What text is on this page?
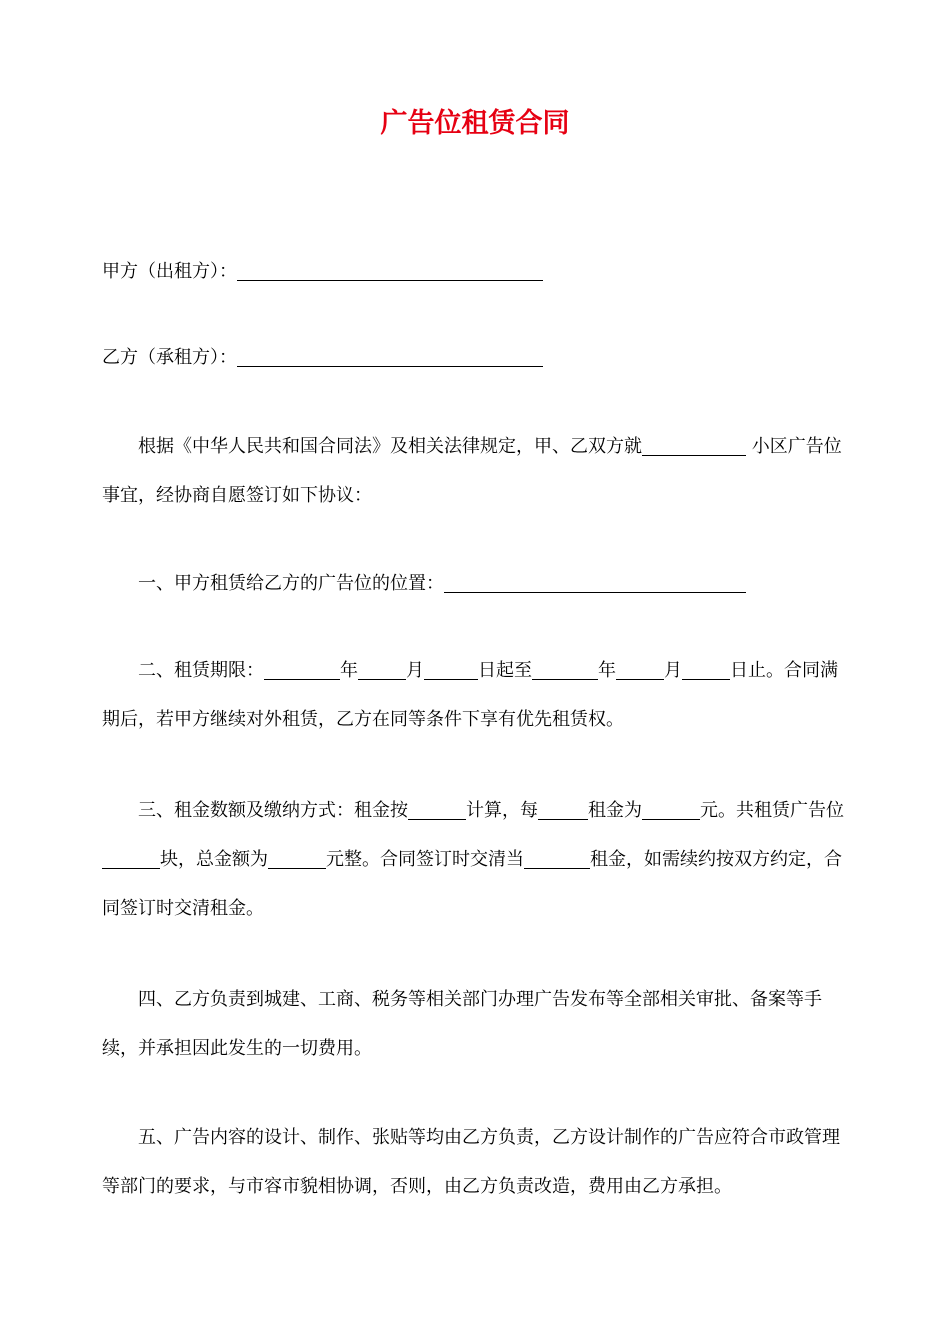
广告位租赁合同
甲方（出租方）：
乙方（承租方）：
根据《中华人民共和国合同法》及相关法律规定，甲、乙双方就	小区广告位事宜，经协商自愿签订如下协议：
一、甲方租赁给乙方的广告位的位置：
二、租赁期限：	年	月	日起至	年	月	日止。合同满期后，若甲方继续对外租赁，乙方在同等条件下享有优先租赁权。
三、租金数额及缴纳方式：租金按	计算，每	租金为	元。共租赁广告位块，总金额为	元整。合同签订时交清当	租金，如需续约按双方约定，合同签订时交清租金。
四、乙方负责到城建、工商、税务等相关部门办理广告发布等全部相关审批、备案等手续，并承担因此发生的一切费用。
五、广告内容的设计、制作、张贴等均由乙方负责，乙方设计制作的广告应符合市政管理等部门的要求，与市容市貌相协调，否则，由乙方负责改造，费用由乙方承担。
